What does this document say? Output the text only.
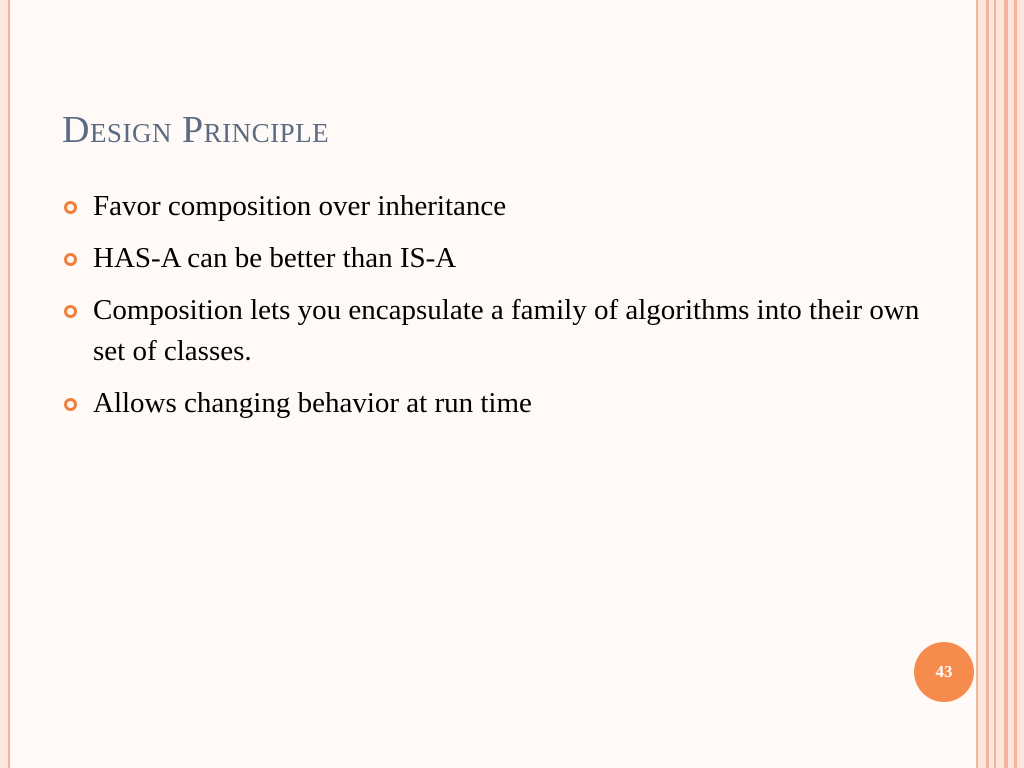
Design Principle
Favor composition over inheritance
HAS-A can be better than IS-A
Composition lets you encapsulate a family of algorithms into their own set of classes.
Allows changing behavior at run time
43
